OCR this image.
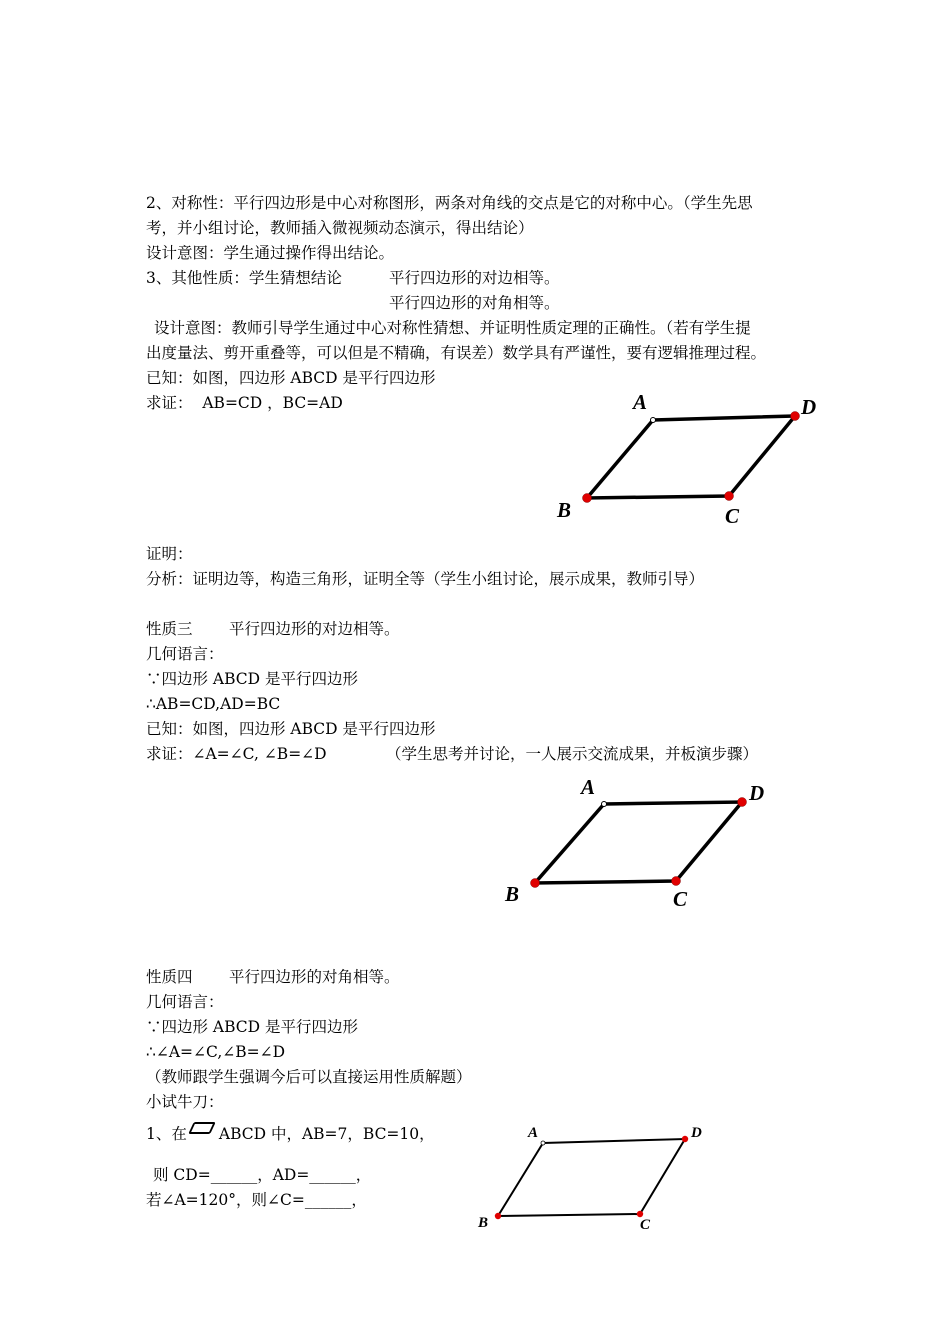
2、对称性：平行四边形是中心对称图形，两条对角线的交点是它的对称中心。（学生先思
考，并小组讨论，教师插入微视频动态演示，得出结论）
设计意图：学生通过操作得出结论。
3、其他性质：学生猜想结论	平行四边形的对边相等。
平行四边形的对角相等。
设计意图：教师引导学生通过中心对称性猜想、并证明性质定理的正确性。（若有学生提
出度量法、剪开重叠等，可以但是不精确，有误差）数学具有严谨性，要有逻辑推理过程。
已知：如图，四边形 ABCD 是平行四边形
求证：  AB=CD ，BC=AD	A	D
B	C
证明：
分析：证明边等，构造三角形，证明全等（学生小组讨论，展示成果，教师引导）
性质三 平行四边形的对边相等。
几何语言：
∵四边形 ABCD 是平行四边形
∴AB=CD,AD=BC
已知：如图，四边形 ABCD 是平行四边形
求证：∠A=∠C, ∠B=∠D	（学生思考并讨论，一人展示交流成果，并板演步骤）
A	D
B	C
性质四 平行四边形的对角相等。
几何语言：
∵四边形 ABCD 是平行四边形
∴∠A=∠C,∠B=∠D
（教师跟学生强调今后可以直接运用性质解题）
小试牛刀：
1、在 ABCD 中，AB=7，BC=10，
则 CD=______，AD=______，
若∠A=120°，则∠C=______，
A	D
B	C
